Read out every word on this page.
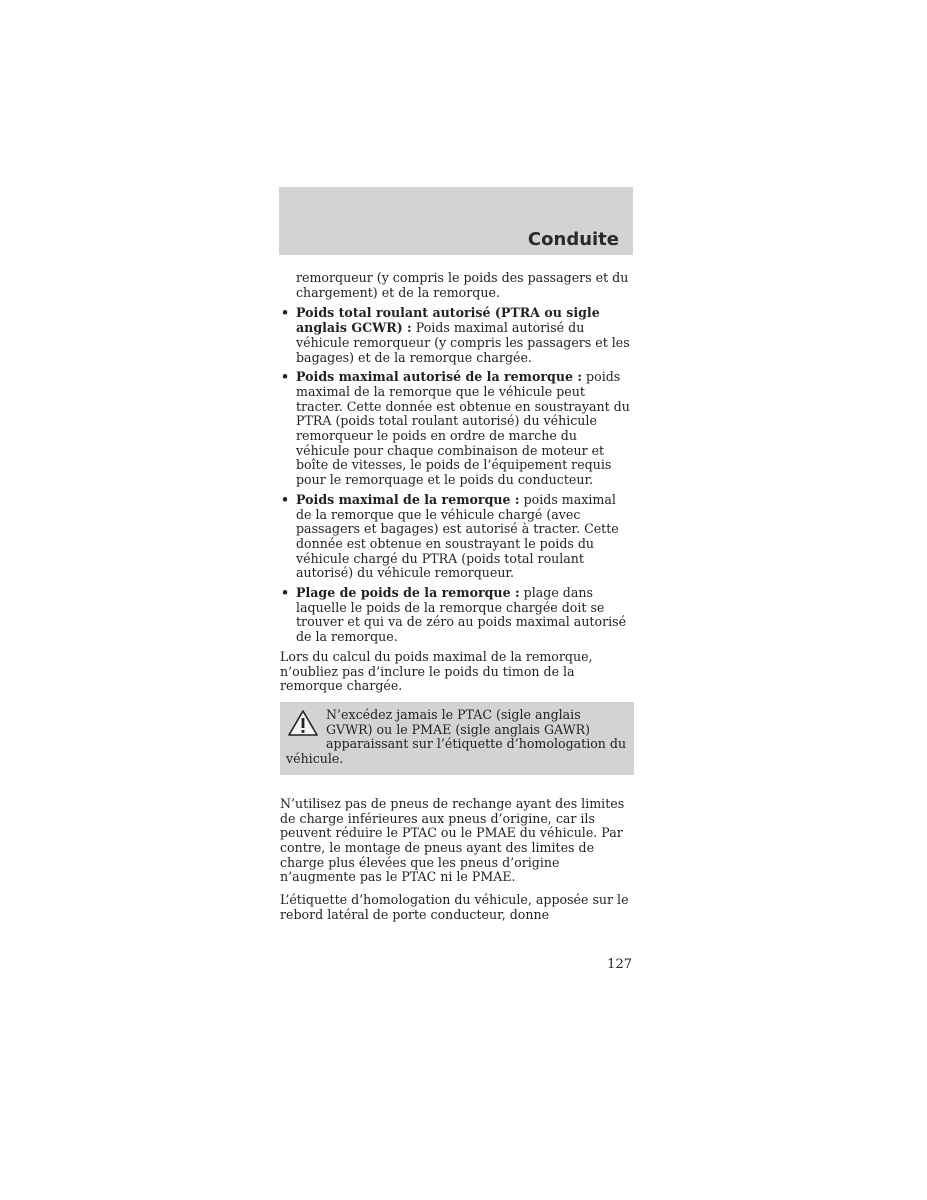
Conduite

remorqueur (y compris le poids des passagers et du chargement) et de la remorque.

• Poids total roulant autorisé (PTRA ou sigle anglais GCWR) : Poids maximal autorisé du véhicule remorqueur (y compris les passagers et les bagages) et de la remorque chargée.
• Poids maximal autorisé de la remorque : poids maximal de la remorque que le véhicule peut tracter. Cette donnée est obtenue en soustrayant du PTRA (poids total roulant autorisé) du véhicule remorqueur le poids en ordre de marche du véhicule pour chaque combinaison de moteur et boîte de vitesses, le poids de l’équipement requis pour le remorquage et le poids du conducteur.
• Poids maximal de la remorque : poids maximal de la remorque que le véhicule chargé (avec passagers et bagages) est autorisé à tracter. Cette donnée est obtenue en soustrayant le poids du véhicule chargé du PTRA (poids total roulant autorisé) du véhicule remorqueur.
• Plage de poids de la remorque : plage dans laquelle le poids de la remorque chargée doit se trouver et qui va de zéro au poids maximal autorisé de la remorque.

Lors du calcul du poids maximal de la remorque, n’oubliez pas d’inclure le poids du timon de la remorque chargée.

N’excédez jamais le PTAC (sigle anglais GVWR) ou le PMAE (sigle anglais GAWR) apparaissant sur l’étiquette d’homologation du véhicule.

N’utilisez pas de pneus de rechange ayant des limites de charge inférieures aux pneus d’origine, car ils peuvent réduire le PTAC ou le PMAE du véhicule. Par contre, le montage de pneus ayant des limites de charge plus élevées que les pneus d’origine n’augmente pas le PTAC ni le PMAE.

L’étiquette d’homologation du véhicule, apposée sur le rebord latéral de porte conducteur, donne

127
